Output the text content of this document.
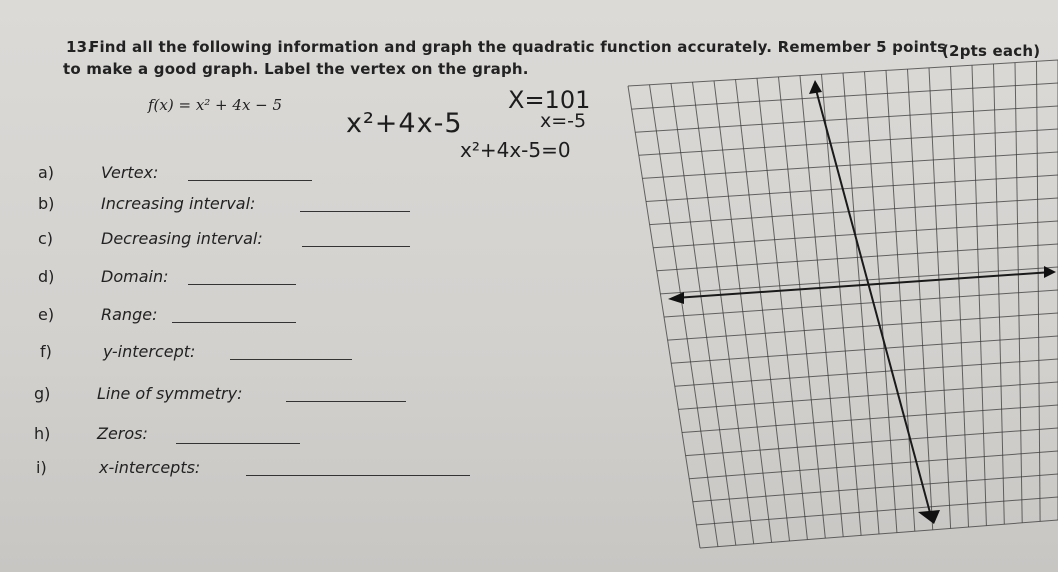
13.
Find all the following information and graph the quadratic function accurately. Remember 5 points
to make a good graph. Label the vertex on the graph.
(2pts each)
f(x) = x² + 4x − 5
x²+4x-5
X=101
x=-5
x²+4x-5=0
a)	Vertex:
b)	Increasing interval:
c)	Decreasing interval:
d)	Domain:
e)	Range:
f)	y-intercept:
g)	Line of symmetry:
h)	Zeros:
i)	x-intercepts:
